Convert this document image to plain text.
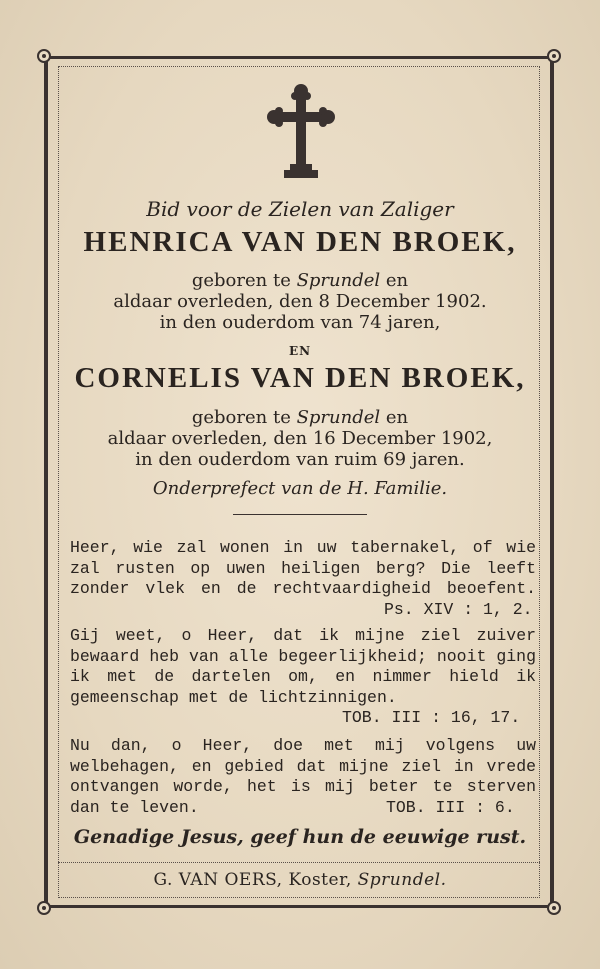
Bid voor de Zielen van Zaliger
HENRICA VAN DEN BROEK,
geboren te Sprundel en
aldaar overleden, den 8 December 1902.
in den ouderdom van 74 jaren,
EN
CORNELIS VAN DEN BROEK,
geboren te Sprundel en
aldaar overleden, den 16 December 1902,
in den ouderdom van ruim 69 jaren.
Onderprefect van de H. Familie.
Heer, wie zal wonen in uw tabernakel, of wie
zal rusten op uwen heiligen berg? Die leeft
zonder vlek en de rechtvaardigheid beoefent.
Ps. XIV : 1, 2.
Gij weet, o Heer, dat ik mijne ziel zuiver
bewaard heb van alle begeerlijkheid; nooit ging
ik met de dartelen om, en nimmer hield ik
gemeenschap met de lichtzinnigen.
TOB. III : 16, 17.
Nu dan, o Heer, doe met mij volgens uw
welbehagen, en gebied dat mijne ziel in vrede
ontvangen worde, het is mij beter te sterven
dan te leven.	TOB. III : 6.
Genadige Jesus, geef hun de eeuwige rust.
G. VAN OERS, Koster, Sprundel.
